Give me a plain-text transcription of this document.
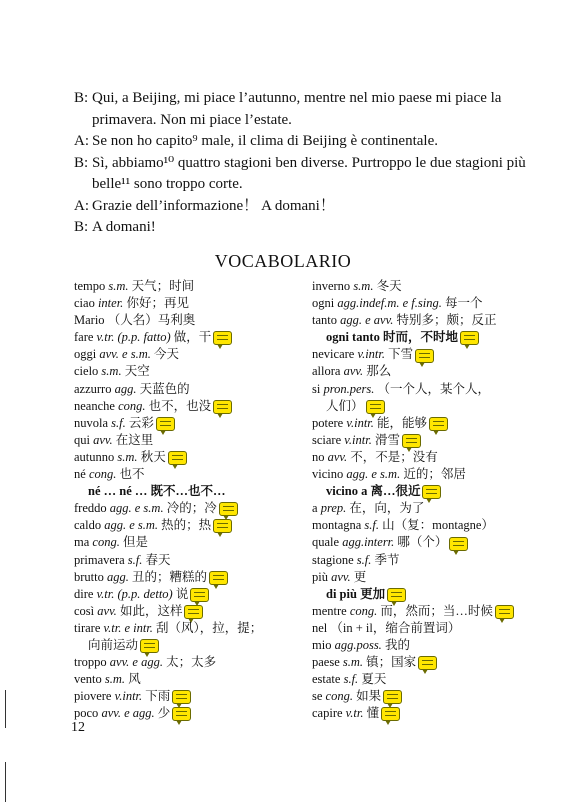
B: Qui, a Beijing, mi piace l’autunno, mentre nel mio paese mi piace la primavera. Non mi piace l’estate.
A: Se non ho capito⁹ male, il clima di Beijing è continentale.
B: Sì, abbiamo¹⁰ quattro stagioni ben diverse. Purtroppo le due stagioni più belle¹¹ sono troppo corte.
A: Grazie dell’informazione！ A domani！
B: A domani!
VOCABOLARIO
tempo s.m. 天气；时间
ciao inter. 你好；再见
Mario （人名）马利奥
fare v.tr. (p.p. fatto) 做，干
oggi avv. e s.m. 今天
cielo s.m. 天空
azzurro agg. 天蓝色的
neanche cong. 也不，也没
nuvola s.f. 云彩
qui avv. 在这里
autunno s.m. 秋天
né cong. 也不
né … né … 既不…也不…
freddo agg. e s.m. 冷的；冷
caldo agg. e s.m. 热的；热
ma cong. 但是
primavera s.f. 春天
brutto agg. 丑的；糟糕的
dire v.tr. (p.p. detto) 说
così avv. 如此，这样
tirare v.tr. e intr. 刮（风），拉，提；
向前运动
troppo avv. e agg. 太；太多
vento s.m. 风
piovere v.intr. 下雨
poco avv. e agg. 少
inverno s.m. 冬天
ogni agg.indef.m. e f.sing. 每一个
tanto agg. e avv. 特别多；颇；反正
ogni tanto 时而，不时地
nevicare v.intr. 下雪
allora avv. 那么
si pron.pers. （一个人，某个人，
人们）
potere v.intr. 能，能够
sciare v.intr. 滑雪
no avv. 不，不是；没有
vicino agg. e s.m. 近的；邻居
vicino a 离…很近
a prep. 在，向，为了
montagna s.f. 山（复：montagne）
quale agg.interr. 哪（个）
stagione s.f. 季节
più avv. 更
di più 更加
mentre cong. 而，然而；当…时候
nel （in + il，缩合前置词）
mio agg.poss. 我的
paese s.m. 镇；国家
estate s.f. 夏天
se cong. 如果
capire v.tr. 懂
12
